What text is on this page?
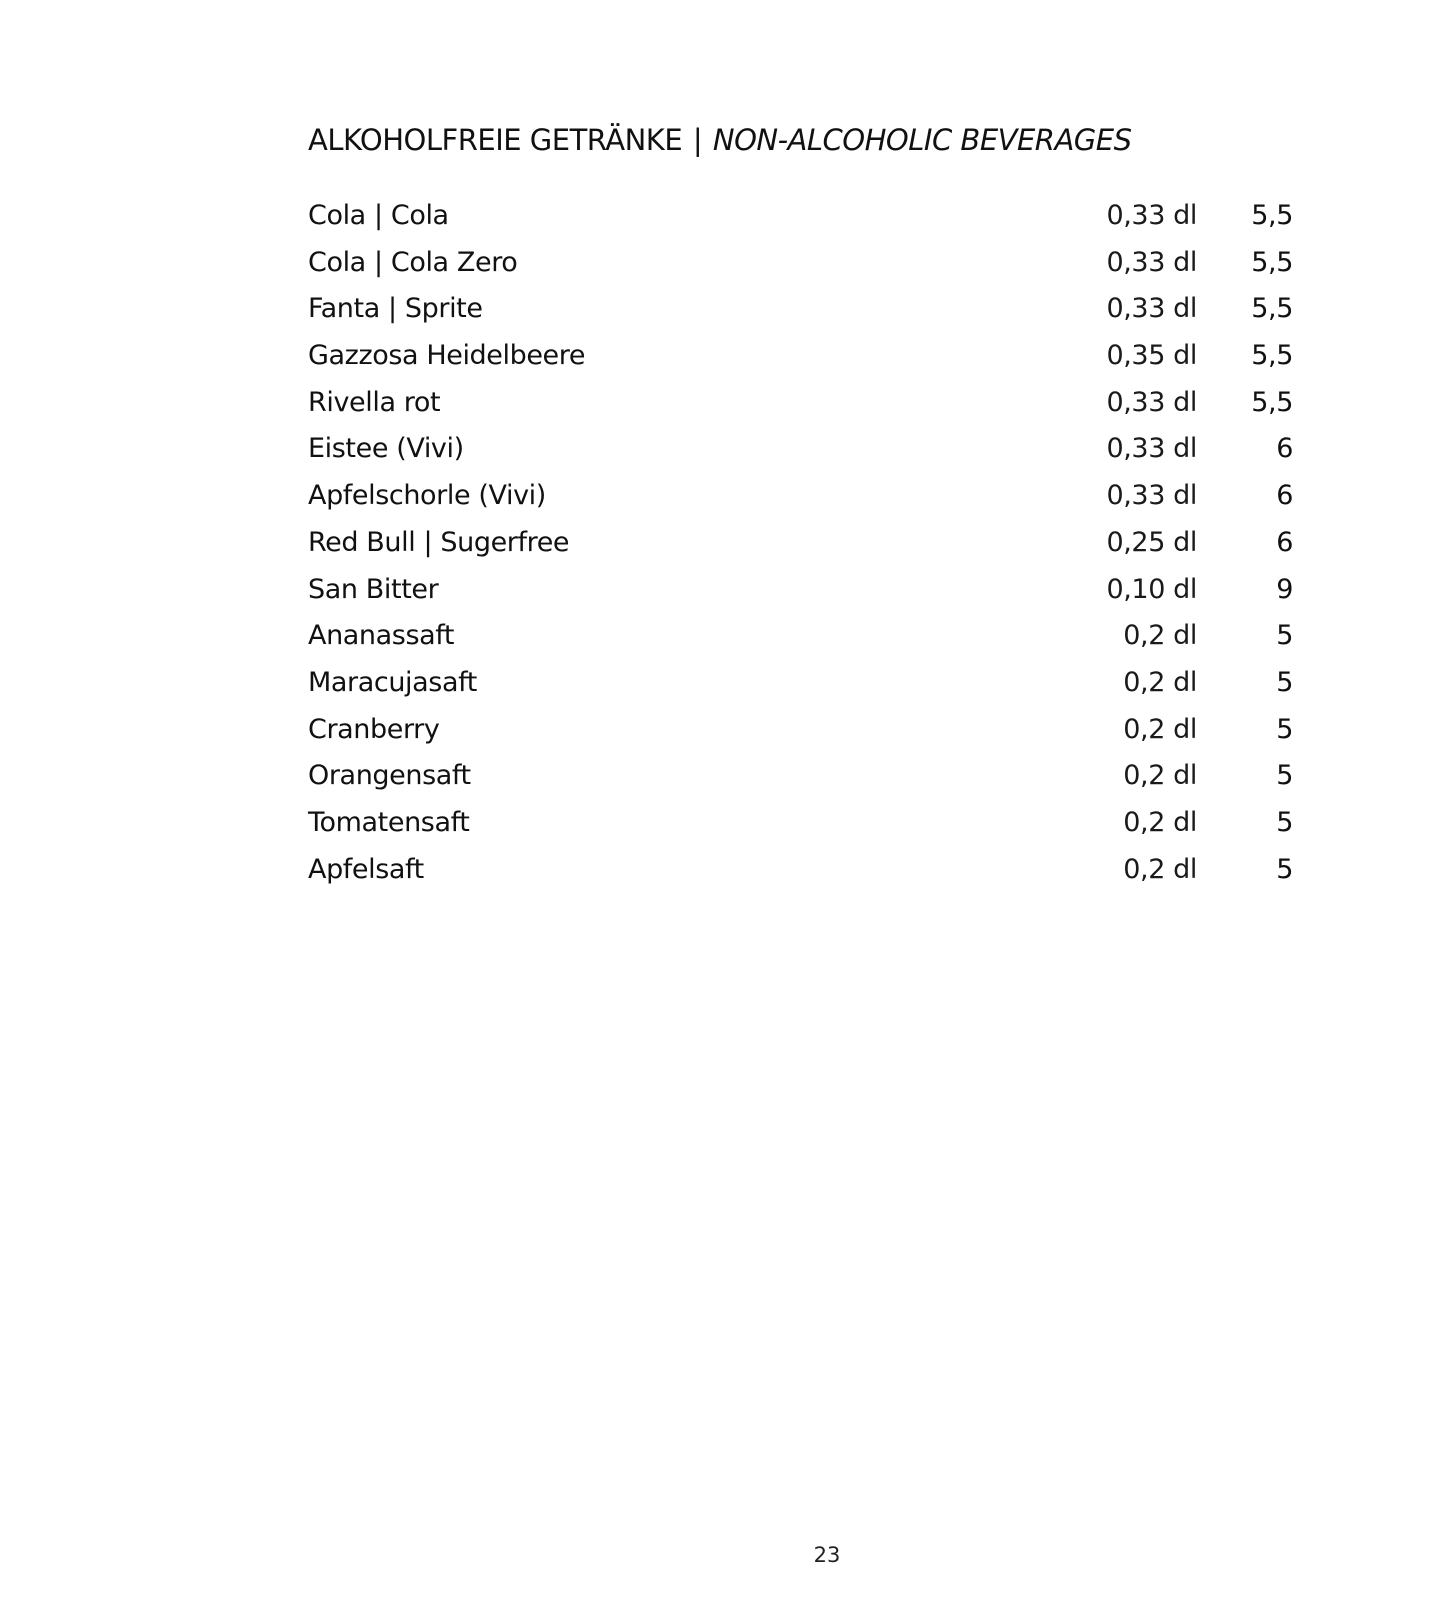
ALKOHOLFREIE GETRÄNKE | NON-ALCOHOLIC BEVERAGES
Cola | Cola	0,33 dl 5,5
Cola | Cola Zero	0,33 dl 5,5
Fanta | Sprite	0,33 dl 5,5
Gazzosa Heidelbeere	0,35 dl 5,5
Rivella rot	0,33 dl 5,5
Eistee (Vivi)	0,33 dl	6
Apfelschorle (Vivi)	0,33 dl	6
Red Bull | Sugerfree	0,25 dl	6
San Bitter	0,10 dl	9
Ananassaft	0,2 dl	5
Maracujasaft	0,2 dl	5
Cranberry	0,2 dl	5
Orangensaft	0,2 dl	5
Tomatensaft	0,2 dl	5
Apfelsaft	0,2 dl	5
23
